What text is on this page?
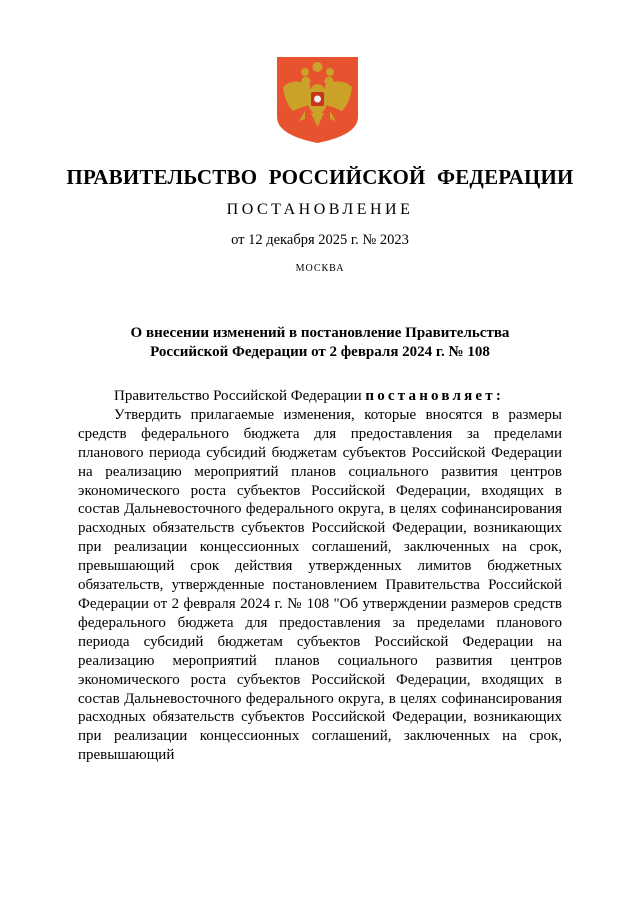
ПРАВИТЕЛЬСТВО РОССИЙСКОЙ ФЕДЕРАЦИИ
ПОСТАНОВЛЕНИЕ
от 12 декабря 2025 г. № 2023
МОСКВА
О внесении изменений в постановление Правительства
Российской Федерации от 2 февраля 2024 г. № 108

Правительство Российской Федерации постановляет:

Утвердить прилагаемые изменения, которые вносятся в размеры средств федерального бюджета для предоставления за пределами планового периода субсидий бюджетам субъектов Российской Федерации на реализацию мероприятий планов социального развития центров экономического роста субъектов Российской Федерации, входящих в состав Дальневосточного федерального округа, в целях софинансирования расходных обязательств субъектов Российской Федерации, возникающих при реализации концессионных соглашений, заключенных на срок, превышающий срок действия утвержденных лимитов бюджетных обязательств, утвержденные постановлением Правительства Российской Федерации от 2 февраля 2024 г. № 108 "Об утверждении размеров средств федерального бюджета для предоставления за пределами планового периода субсидий бюджетам субъектов Российской Федерации на реализацию мероприятий планов социального развития центров экономического роста субъектов Российской Федерации, входящих в состав Дальневосточного федерального округа, в целях софинансирования расходных обязательств субъектов Российской Федерации, возникающих при реализации концессионных соглашений, заключенных на срок, превышающий
